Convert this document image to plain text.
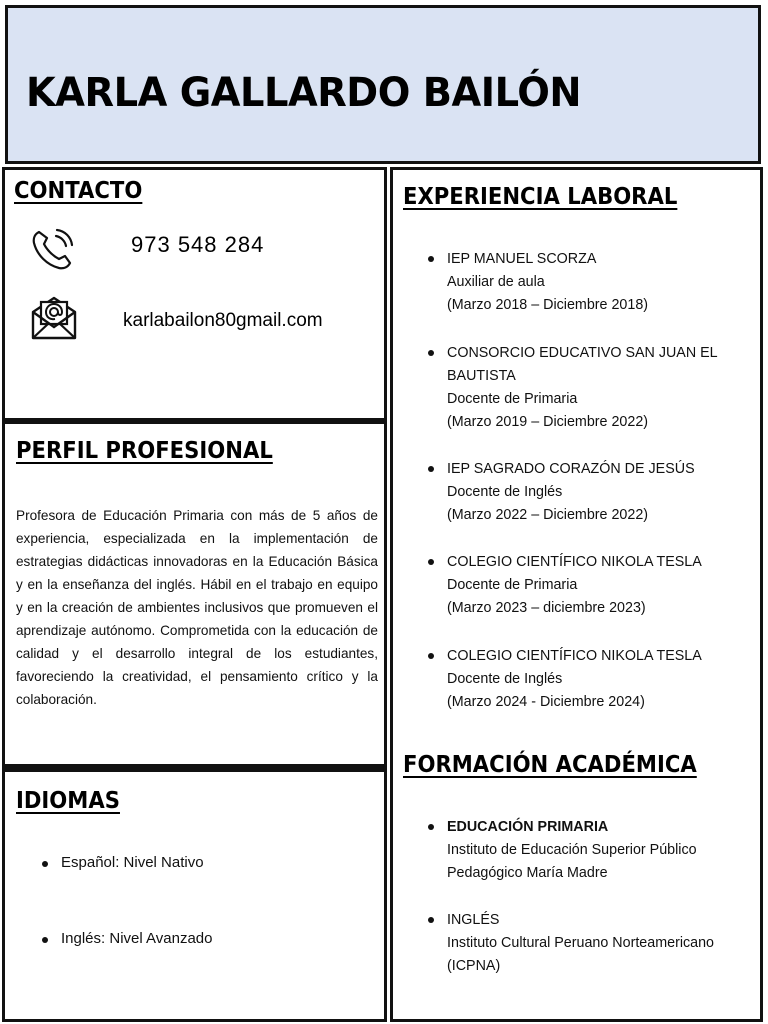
KARLA GALLARDO BAILÓN
CONTACTO
973 548 284
karlabailon80gmail.com
PERFIL PROFESIONAL
Profesora de Educación Primaria con más de 5 años de experiencia, especializada en la implementación de estrategias didácticas innovadoras en la Educación Básica y en la enseñanza del inglés. Hábil en el trabajo en equipo y en la creación de ambientes inclusivos que promueven el aprendizaje autónomo. Comprometida con la educación de calidad y el desarrollo integral de los estudiantes, favoreciendo la creatividad, el pensamiento crítico y la colaboración.
IDIOMAS
Español: Nivel Nativo
Inglés: Nivel Avanzado
EXPERIENCIA LABORAL
IEP MANUEL SCORZA
Auxiliar de aula
(Marzo 2018 – Diciembre 2018)
CONSORCIO EDUCATIVO SAN JUAN EL BAUTISTA
Docente de Primaria
(Marzo 2019 – Diciembre 2022)
IEP SAGRADO CORAZÓN DE JESÚS
Docente de Inglés
(Marzo 2022 – Diciembre 2022)
COLEGIO CIENTÍFICO NIKOLA TESLA
Docente de Primaria
(Marzo 2023 – diciembre 2023)
COLEGIO CIENTÍFICO NIKOLA TESLA
Docente de Inglés
(Marzo 2024 - Diciembre 2024)
FORMACIÓN ACADÉMICA
EDUCACIÓN PRIMARIA
Instituto de Educación Superior Público Pedagógico María Madre
INGLÉS
Instituto Cultural Peruano Norteamericano (ICPNA)
